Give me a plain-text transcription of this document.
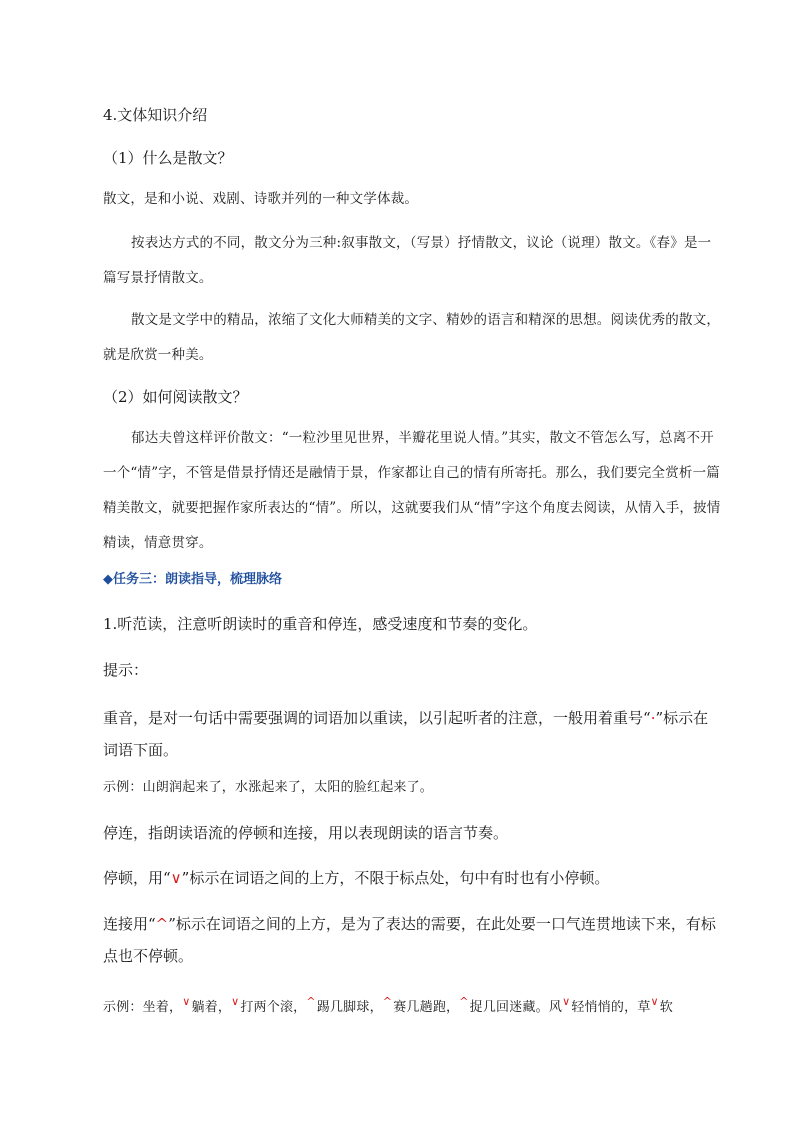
4.文体知识介绍

（1）什么是散文？

散文，是和小说、戏剧、诗歌并列的一种文学体裁。

按表达方式的不同，散文分为三种:叙事散文，（写景）抒情散文，议论（说理）散文。《春》是一篇写景抒情散文。

散文是文学中的精品，浓缩了文化大师精美的文字、精妙的语言和精深的思想。阅读优秀的散文，就是欣赏一种美。

（2）如何阅读散文？

郁达夫曾这样评价散文：“一粒沙里见世界，半瓣花里说人情。”其实，散文不管怎么写，总离不开一个“情”字，不管是借景抒情还是融情于景，作家都让自己的情有所寄托。那么，我们要完全赏析一篇精美散文，就要把握作家所表达的“情”。所以，这就要我们从“情”字这个角度去阅读，从情入手，披情精读，情意贯穿。

◆任务三：朗读指导，梳理脉络

1.听范读，注意听朗读时的重音和停连，感受速度和节奏的变化。

提示：

重音，是对一句话中需要强调的词语加以重读，以引起听者的注意，一般用着重号“·”标示在词语下面。

示例：山朗润起来了，水涨起来了，太阳的脸红起来了。

停连，指朗读语流的停顿和连接，用以表现朗读的语言节奏。

停顿，用“∨”标示在词语之间的上方，不限于标点处，句中有时也有小停顿。

连接用“^”标示在词语之间的上方，是为了表达的需要，在此处要一口气连贯地读下来，有标点也不停顿。

示例：坐着，∨躺着，∨打两个滚，^踢几脚球，^赛几趟跑，^捉几回迷藏。风∨轻悄悄的，草∨软
